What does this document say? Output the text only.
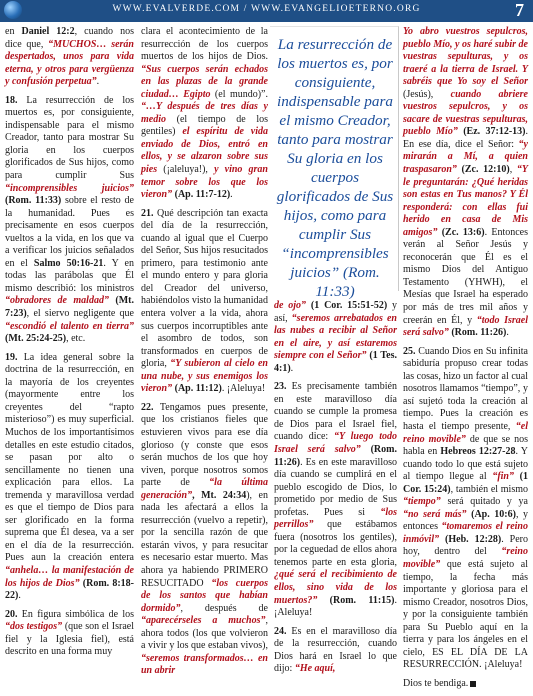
WWW.EVALVERDE.COM / WWW.EVANGELIOETERNO.ORG	7

en Daniel 12:2, cuando nos dice que, “MUCHOS… serán despertados, unos para vida eterna, y otros para vergüenza y confusión perpetua”.

18. La resurrección de los muertos es, por consiguiente, indispensable para el mismo Creador, tanto para mostrar Su gloria en los cuerpos glorificados de Sus hijos, como para cumplir Sus “incomprensibles juicios” (Rom. 11:33) sobre el resto de la humanidad. Pues es precisamente en esos cuerpos vueltos a la vida, en los que va a verificar los juicios señalados en el Salmo 50:16-21. Y en todas las parábolas que Él mismo describió: los ministros “obradores de maldad” (Mt. 7:23), el siervo negligente que “escondió el talento en tierra” (Mt. 25:24-25), etc.

19. La idea general sobre la doctrina de la resurrección, en la mayoría de los creyentes (mayormente entre los creyentes del “rapto misterioso”) es muy superficial. Muchos de los importantísimos detalles en este estudio citados, se pasan por alto o sencillamente no tienen una explicación para ellos. La tremenda y maravillosa verdad es que el tiempo de Dios para ser glorificado en la forma suprema que Él desea, va a ser en el día de la resurrección. Pues aun la creación entera “anhela… la manifestación de los hijos de Dios” (Rom. 8:18-22).

20. En figura simbólica de los “dos testigos” (que son el Israel fiel y la Iglesia fiel), está descrito en una forma muy

clara el acontecimiento de la resurrección de los cuerpos muertos de los hijos de Dios. “Sus cuerpos serán echados en las plazas de la grande ciudad… Egipto (el mundo)”. “…Y después de tres días y medio (el tiempo de los gentiles) el espíritu de vida enviado de Dios, entró en ellos, y se alzaron sobre sus pies (¡aleluya!), y vino gran temor sobre los que los vieron” (Ap. 11:7-12).

21. Qué descripción tan exacta del día de la resurrección, cuando al igual que el Cuerpo del Señor, Sus hijos resucitados primero, para testimonio ante el mundo entero y para gloria del Creador del universo, habiéndolos visto la humanidad entera volver a la vida, ahora sus cuerpos incorruptibles ante el asombro de todos, son transformados en cuerpos de gloria, “Y subieron al cielo en una nube, y sus enemigos los vieron” (Ap. 11:12). ¡Aleluya!

22. Tengamos pues presente, que los cristianos fieles que estuvieren vivos para ese día glorioso (y conste que esos serán muchos de los que hoy viven, porque nosotros somos parte de “la última generación”, Mt. 24:34), en nada les afectará a ellos la resurrección (vuelvo a repetir), por la sencilla razón de que estarán vivos, y para resucitar es necesario estar muerto. Mas ahora ya habiendo PRIMERO RESUCITADO “los cuerpos de los santos que habían dormido”, después de “aparecérseles a muchos”, ahora todos (los que volvieron a vivir y los que estaban vivos), “seremos transformados… en un abrir

La resurrección de los muertos es, por consiguiente, indispensable para el mismo Creador, tanto para mostrar Su gloria en los cuerpos glorificados de Sus hijos, como para cumplir Sus “incomprensibles juicios” (Rom. 11:33)

de ojo” (1 Cor. 15:51-52) y así, “seremos arrebatados en las nubes a recibir al Señor en el aire, y así estaremos siempre con el Señor” (1 Tes. 4:1).

23. Es precisamente también en este maravilloso día cuando se cumple la promesa de Dios para el Israel fiel, cuando dice: “Y luego todo Israel será salvo” (Rom. 11:26). Es en este maravilloso día cuando se cumplirá en el pueblo escogido de Dios, lo prometido por medio de Sus profetas. Pues si “los perrillos” que estábamos fuera (nosotros los gentiles), por la ceguedad de ellos ahora tenemos parte en esta gloria, ¿qué será el recibimiento de ellos, sino vida de los muertos?” (Rom. 11:15). ¡Aleluya!

24. Es en el maravilloso día de la resurrección, cuando Dios hará en Israel lo que dijo: “He aquí,

Yo abro vuestros sepulcros, pueblo Mío, y os haré subir de vuestras sepulturas, y os traeré a la tierra de Israel. Y sabréis que Yo soy el Señor (Jesús), cuando abriere vuestros sepulcros, y os sacare de vuestras sepulturas, pueblo Mío” (Ez. 37:12-13). En ese día, dice el Señor: “y mirarán a Mí, a quien traspasaron” (Zc. 12:10), “Y le preguntarán: ¿Qué heridas son estas en Tus manos? Y Él responderá: con ellas fui herido en casa de Mis amigos” (Zc. 13:6). Entonces verán al Señor Jesús y reconocerán que Él es el mismo Dios del Antiguo Testamento (YHWH), el Mesías que Israel ha esperado por más de tres mil años y creerán en Él, y “todo Israel será salvo” (Rom. 11:26).

25. Cuando Dios en Su infinita sabiduría propuso crear todas las cosas, hizo un factor al cual nosotros llamamos “tiempo”, y así sujetó toda la creación al tiempo. Pues la creación es hasta el tiempo presente, “el reino movible” de que se nos habla en Hebreos 12:27-28. Y cuando todo lo que está sujeto al tiempo llegue al “fin” (1 Cor. 15:24), también el mismo “tiempo” será quitado y ya “no será más” (Ap. 10:6), y entonces “tomaremos el reino inmóvil” (Heb. 12:28). Pero hoy, dentro del “reino movible” que está sujeto al tiempo, la fecha más importante y gloriosa para el mismo Creador, nosotros Dios, y por la consiguiente también para Su Pueblo aquí en la tierra y para los ángeles en el cielo, ES EL DÍA DE LA RESURRECCIÓN. ¡Aleluya!

Dios te bendiga.
